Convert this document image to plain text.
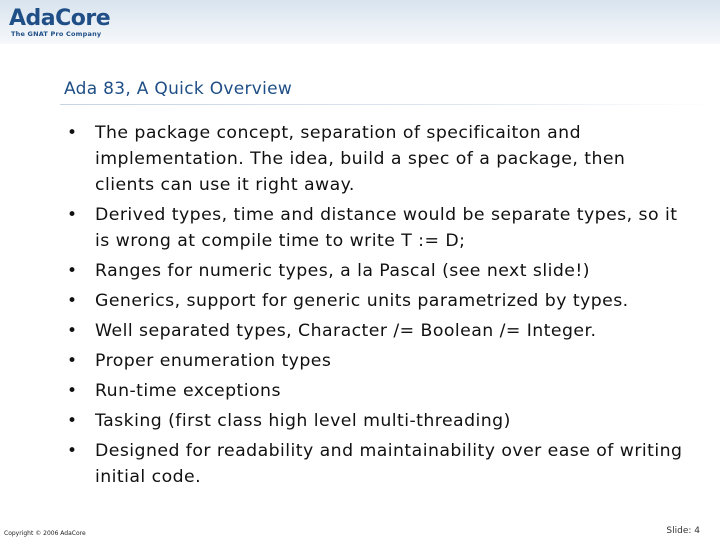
AdaCore
The GNAT Pro Company
Ada 83, A Quick Overview
• The package concept, separation of specificaiton and implementation. The idea, build a spec of a package, then clients can use it right away.
• Derived types, time and distance would be separate types, so it is wrong at compile time to write T := D;
• Ranges for numeric types, a la Pascal (see next slide!)
• Generics, support for generic units parametrized by types.
• Well separated types, Character /= Boolean /= Integer.
• Proper enumeration types
• Run-time exceptions
• Tasking (first class high level multi-threading)
• Designed for readability and maintainability over ease of writing initial code.
Copyright © 2006 AdaCore	Slide: 4
